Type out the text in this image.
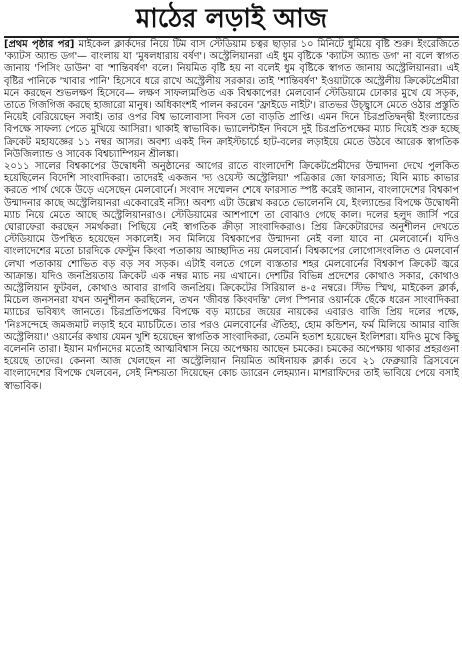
মাঠের লড়াই আজ

[প্রথম পৃষ্ঠার পর] মাইকেল ক্লার্কদের নিয়ে টিম বাস স্টেডিয়াম চত্বর ছাড়ার ১০ মিনিটে ধুমিয়ে বৃষ্টি শুরু। ইংরেজিতে 'ক্যাটস অ্যান্ড ডগ'— বাংলায় যা 'মুষলধারায় বর্ষণ'। অস্ট্রেলিয়ানরা এই ধুম বৃষ্টিকে 'ক্যাটস অ্যান্ড ডগ' না বলে স্বাগত জানায় 'পিসিং ডাউন' বা 'শান্তিবর্ষণ' বলে। নিয়মিত বৃষ্টি হয় না বলেই ধুম বৃষ্টিকে স্বাগত জানায় অস্ট্রেলিয়ানরা। এই বৃষ্টির পানিকে 'খাবার পানি' হিসেবে ধরে রাখে অস্ট্রেলীয় সরকার। তাই 'শান্তিবর্ষণ' ইওয়াটাকে অস্ট্রেলীয় ক্রিকেটপ্রেমীরা মনে করছেন শুভলক্ষণ হিসেবে— লক্ষণ সাফল্যমণ্ডিত এক বিশ্বকাপের! মেলবোর্ন স্টেডিয়ামে ঢোকার মুখে যে সড়ক, তাতে গিজগিজ করছে হাজারো মানুষ। অধিকাংশই পালন করবেন 'ফ্রাইডে নাইট'। রাতভর উচ্ছ্বাসে মেতে ওঠার প্রস্তুতি নিয়েই বেরিয়েছেন সবাই। তার ওপর বিশ্ব ভালোবাসা দিবস তো বাড়তি প্রাপ্তি। এমন দিনে চিরপ্রতিদ্বন্দ্বী ইংল্যান্ডের বিপক্ষে সাফল্য পেতে মুখিয়ে আসিরা। থাকাই স্বাভাবিক। ভ্যালেন্টাইন দিবসে দুই চিরপ্রতিপক্ষের ম্যাচ দিয়েই শুরু হচ্ছে ক্রিকেট মহাযজ্ঞের ১১ নম্বর আসর। অবশ্য একই দিন ক্রাইস্টচার্চে হাট-বলের লড়াইয়ে মেতে উঠবে আরেক স্বাগতিক নিউজিল্যান্ড ও সাবেক বিশ্বচ্যাম্পিয়ন শ্রীলঙ্কা।

২০১১ সালের বিশ্বকাপের উদ্বোধনী অনুষ্ঠানের আগের রাতে বাংলাদেশি ক্রিকেটপ্রেমীদের উন্মাদনা দেখে পুলকিত হয়েছিলেন বিদেশি সাংবাদিকরা। তাদেরই একজন 'দ্য ওয়েস্ট অস্ট্রেলিয়া' পত্রিকার জো ফারসাত; যিনি ম্যাচ কাভার করতে পার্থ থেকে উড়ে এসেছেন মেলবোর্নে। সংবাদ সম্মেলন শেষে ফারসাত স্পষ্ট করেই জানান, বাংলাদেশের বিশ্বকাপ উন্মাদনার কাছে অস্ট্রেলিয়ানরা একেবারেই নস্যি! অবশ্য এটা উল্লেখ করতে ভোলেননি যে, ইংল্যান্ডের বিপক্ষে উদ্বোধনী ম্যাচ নিয়ে মেতে আছে অস্ট্রেলিয়ানরাও। স্টেডিয়ামের আশপাশে তা বোঝাও গেছে কাল। দলের হলুদ জার্সি পরে ঘোরাফেরা করছেন সমর্থকরা। পিছিয়ে নেই স্বাগতিক ক্রীড়া সাংবাদিকরাও। প্রিয় ক্রিকেটারদের অনুশীলন দেখতে স্টেডিয়ামে উপস্থিত হয়েছেন সকালেই। সব মিলিয়ে বিশ্বকাপের উন্মাদনা নেই বলা যাবে না মেলবোর্নে। যদিও বাংলাদেশের মতো চারদিকে ফেস্টুন কিংবা পতাকায় আচ্ছাদিত নয় মেলবোর্ন। বিশ্বকাপের লোগোসংবলিত ও মেলবোর্ন লেখা পতাকায় শোভিত বড় বড় সব সড়ক। এটাই বলতে গেলে ব্যস্ততার শহর মেলবোর্নের বিশ্বকাপ ক্রিকেট জ্বরে আক্রান্ত। যদিও জনপ্রিয়তায় ক্রিকেট এক নম্বর ম্যাচ নয় এখানে। দেশটির বিভিন্ন প্রদেশের কোথাও সকার, কোথাও অস্ট্রেলিয়ান ফুটবল, কোথাও আবার রাগবি জনপ্রিয়। ক্রিকেটের সিরিয়াল ৪-৫ নম্বরে। স্টিভ স্মিথ, মাইকেল ক্লার্ক, মিচেল জনসনরা যখন অনুশীলন করছিলেন, তখন 'জীবন্ত কিংবদন্তি' লেগ স্পিনার ওয়ার্নকে ছেঁকে ধরেন সাংবাদিকরা ম্যাচের ভবিষ্যৎ জানতে। চিরপ্রতিপক্ষের বিপক্ষে বড় ম্যাচের জয়ের নায়কের এবারও বাজি প্রিয় দলের পক্ষে, 'নিঃসন্দেহে জমজমাট লড়াই হবে ম্যাচটিতে। তার পরও মেলবোর্নের ঐতিহ্য, হোম কন্ডিশন, ফর্ম মিলিয়ে আমার বাজি অস্ট্রেলিয়া।' ওয়ার্নের কথায় যেমন খুশি হয়েছেন স্বাগতিক সাংবাদিকরা, তেমনি হতাশ হয়েছেন ইংলিশরা। যদিও মুখে কিছু বলেননি তারা। ইয়ান মর্গানদের মতোই আত্মবিশ্বাস নিয়ে অপেক্ষায় আছেন চমকের। চমকের অপেক্ষায় থাকার প্রহরগুনা হয়েছে তাদের। কেননা আজ খেলছেন না অস্ট্রেলিয়ান নিয়মিত অধিনায়ক ক্লার্ক। তবে ২১ ফেব্রুয়ারি ব্রিসবেনে বাংলাদেশের বিপক্ষে খেলবেন, সেই নিশ্চয়তা দিয়েছেন কোচ ড্যারেন লেহম্যান। মাশরাফিদের তাই ভাবিয়ে পেয়ে বসাই স্বাভাবিক।
